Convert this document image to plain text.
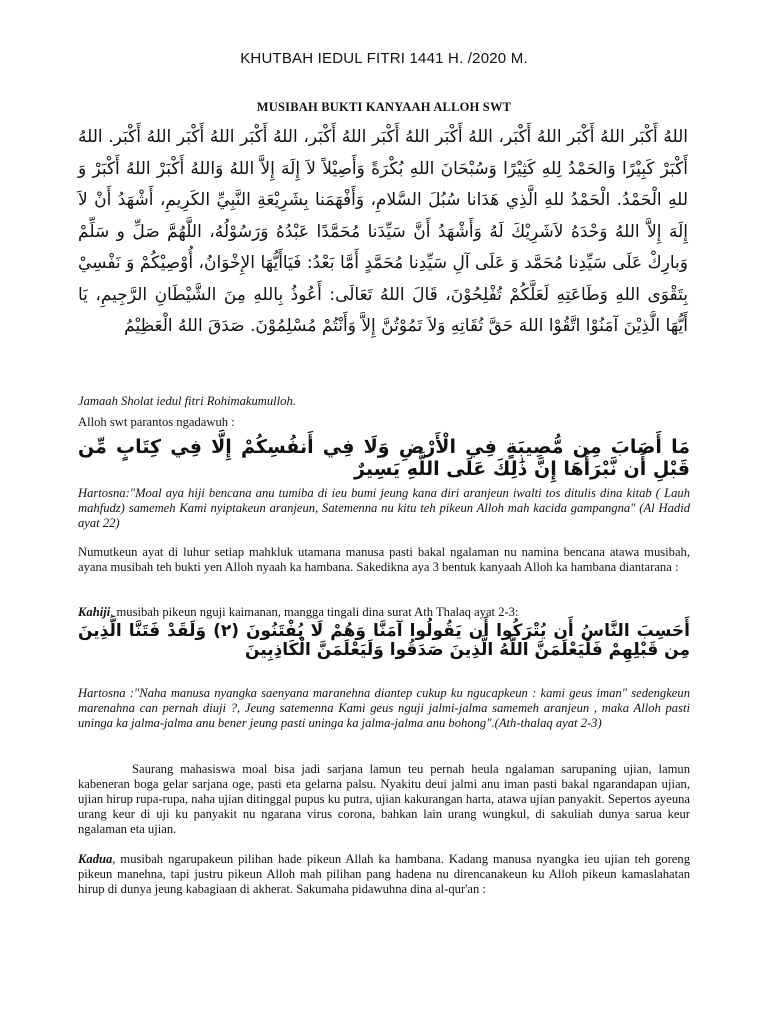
KHUTBAH IEDUL FITRI 1441 H. /2020 M.
MUSIBAH BUKTI KANYAAH ALLOH SWT
اللهُ أَكْبَر اللهُ أَكْبَر اللهُ أَكْبَر، اللهُ أَكْبَر اللهُ أَكْبَر اللهُ أَكْبَر، اللهُ أَكْبَر اللهُ أَكْبَر اللهُ أَكْبَر. اللهُ أَكْبَرْ كَبِيْرًا وَالحَمْدُ لِلهِ كَثِيْرًا وَسُبْحَانَ اللهِ بُكْرَةً وَأَصِيْلاً لاَ إِلَهَ إِلاَّ اللهُ وَاللهُ أَكْبَرْ اللهُ أَكْبَرْ وَ للهِ الْحَمْدُ. الْحَمْدُ للهِ الَّذِي هَدَانا سُبُلَ السَّلامِ، وَأَفْهَمَنا بِشَرِيْعَةِ النَّبِيِّ الكَرِيمِ، أَشْهَدُ أَنْ لاَ إِلَهَ إِلاَّ اللهُ وَحْدَهُ لاَشَرِيْكَ لَهُ وَأَشْهَدُ أَنَّ سَيِّدَنا مُحَمَّدًا عَبْدُهُ وَرَسُوْلُهُ، اللَّهُمَّ صَلِّ و سَلِّمْ وَبارِكْ عَلَى سَيِّدِنا مُحَمَّد وَ عَلَى آلِ سَيِّدِنا مُحَمَّدٍ أَمَّا بَعْدُ: فَيَاأَيُّهَا الإِخْوَانُ، أُوْصِيْكُمْ وَ نَفْسِيْ بِتَقْوَى اللهِ وَطَاعَتِهِ لَعَلَّكُمْ تُفْلِحُوْنَ، قَالَ اللهُ تَعَالَى: أَعُوذُ بِاللهِ مِنَ الشَّيْطَانِ الرَّجِيمِ، يَا أَيُّهَا الَّذِيْنَ آمَنُوْا اتَّقُوْا اللهَ حَقَّ تُقَاتِهِ وَلاَ تَمُوْتُنَّ إِلاَّ وَأَنْتُمْ مُسْلِمُوْنَ. صَدَقَ اللهُ الْعَظِيْمُ

Jamaah Sholat iedul fitri Rohimakumulloh.

Alloh swt parantos ngadawuh :

مَا أَصَابَ مِن مُّصِيبَةٍ فِي الْأَرْضِ وَلَا فِي أَنفُسِكُمْ إِلَّا فِي كِتَابٍ مِّن قَبْلِ أَن نَّبْرَأَهَا إِنَّ ذَٰلِكَ عَلَى اللَّهِ يَسِيرٌ

Hartosna:"Moal aya hiji bencana anu tumiba di ieu bumi jeung kana diri aranjeun iwalti tos ditulis dina kitab ( Lauh mahfudz) samemeh Kami nyiptakeun aranjeun, Satemenna nu kitu teh pikeun Alloh mah kacida gampangna" (Al Hadid ayat 22)

Numutkeun ayat di luhur setiap mahkluk utamana manusa pasti bakal ngalaman nu namina bencana atawa musibah, ayana musibah teh bukti yen Alloh nyaah ka hambana. Sakedikna aya 3 bentuk kanyaah Alloh ka hambana diantarana :

Kahiji, musibah pikeun nguji kaimanan, mangga tingali dina surat Ath Thalaq ayat 2-3:

أَحَسِبَ النَّاسُ أَن يُتْرَكُوا أَن يَقُولُوا آمَنَّا وَهُمْ لَا يُفْتَنُونَ (٢) وَلَقَدْ فَتَنَّا الَّذِينَ مِن قَبْلِهِمْ فَلَيَعْلَمَنَّ اللَّهُ الَّذِينَ صَدَقُوا وَلَيَعْلَمَنَّ الْكَاذِبِينَ

Hartosna :"Naha manusa nyangka saenyana maranehna diantep cukup ku ngucapkeun : kami geus iman" sedengkeun marenahna can pernah diuji ?, Jeung satemenna Kami geus nguji jalmi-jalma samemeh aranjeun , maka Alloh pasti uninga ka jalma-jalma anu bener jeung pasti uninga ka jalma-jalma anu bohong".(Ath-thalaq ayat 2-3)

Saurang mahasiswa moal bisa jadi sarjana lamun teu pernah heula ngalaman sarupaning ujian, lamun kabeneran boga gelar sarjana oge, pasti eta gelarna palsu. Nyakitu deui jalmi anu iman pasti bakal ngarandapan ujian, ujian hirup rupa-rupa, naha ujian ditinggal pupus ku putra, ujian kakurangan harta, atawa ujian panyakit. Sepertos ayeuna urang keur di uji ku panyakit nu ngarana virus corona, bahkan lain urang wungkul, di sakuliah dunya sarua keur ngalaman eta ujian.

Kadua, musibah ngarupakeun pilihan hade pikeun Allah ka hambana. Kadang manusa nyangka ieu ujian teh goreng pikeun manehna, tapi justru pikeun Alloh mah pilihan pang hadena nu direncanakeun ku Alloh pikeun kamaslahatan hirup di dunya jeung kabagiaan di akherat. Sakumaha pidawuhna dina al-qur'an :
